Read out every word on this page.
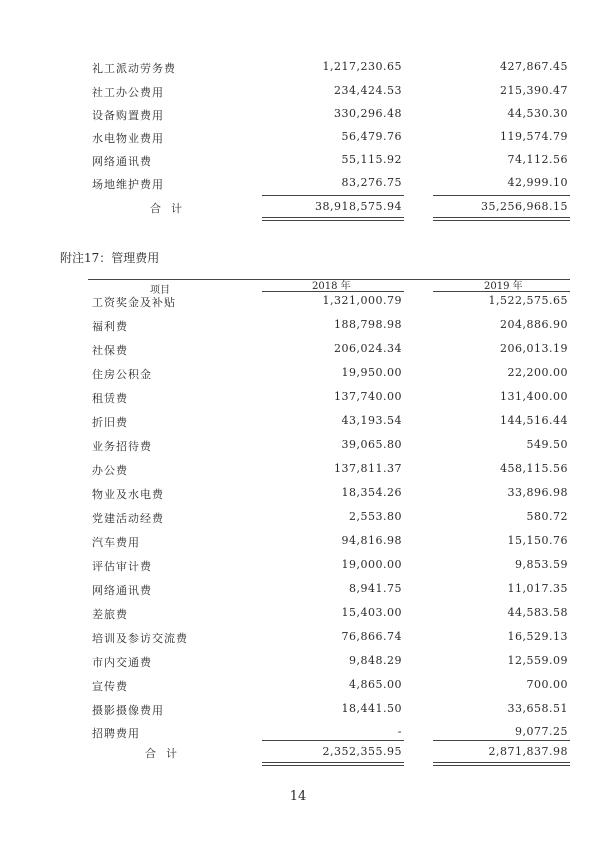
礼工派动劳务费	1,217,230.65	427,867.45
社工办公费用	234,424.53	215,390.47
设备购置费用	330,296.48	44,530.30
水电物业费用	56,479.76	119,574.79
网络通讯费	55,115.92	74,112.56
场地维护费用	83,276.75	42,999.10
合计	38,918,575.94	35,256,968.15
附注17：管理费用
项目	2018 年	2019 年
工资奖金及补贴	1,321,000.79	1,522,575.65
福利费	188,798.98	204,886.90
社保费	206,024.34	206,013.19
住房公积金	19,950.00	22,200.00
租赁费	137,740.00	131,400.00
折旧费	43,193.54	144,516.44
业务招待费	39,065.80	549.50
办公费	137,811.37	458,115.56
物业及水电费	18,354.26	33,896.98
党建活动经费	2,553.80	580.72
汽车费用	94,816.98	15,150.76
评估审计费	19,000.00	9,853.59
网络通讯费	8,941.75	11,017.35
差旅费	15,403.00	44,583.58
培训及参访交流费	76,866.74	16,529.13
市内交通费	9,848.29	12,559.09
宣传费	4,865.00	700.00
摄影摄像费用	18,441.50	33,658.51
招聘费用	-	9,077.25
合计	2,352,355.95	2,871,837.98
14
